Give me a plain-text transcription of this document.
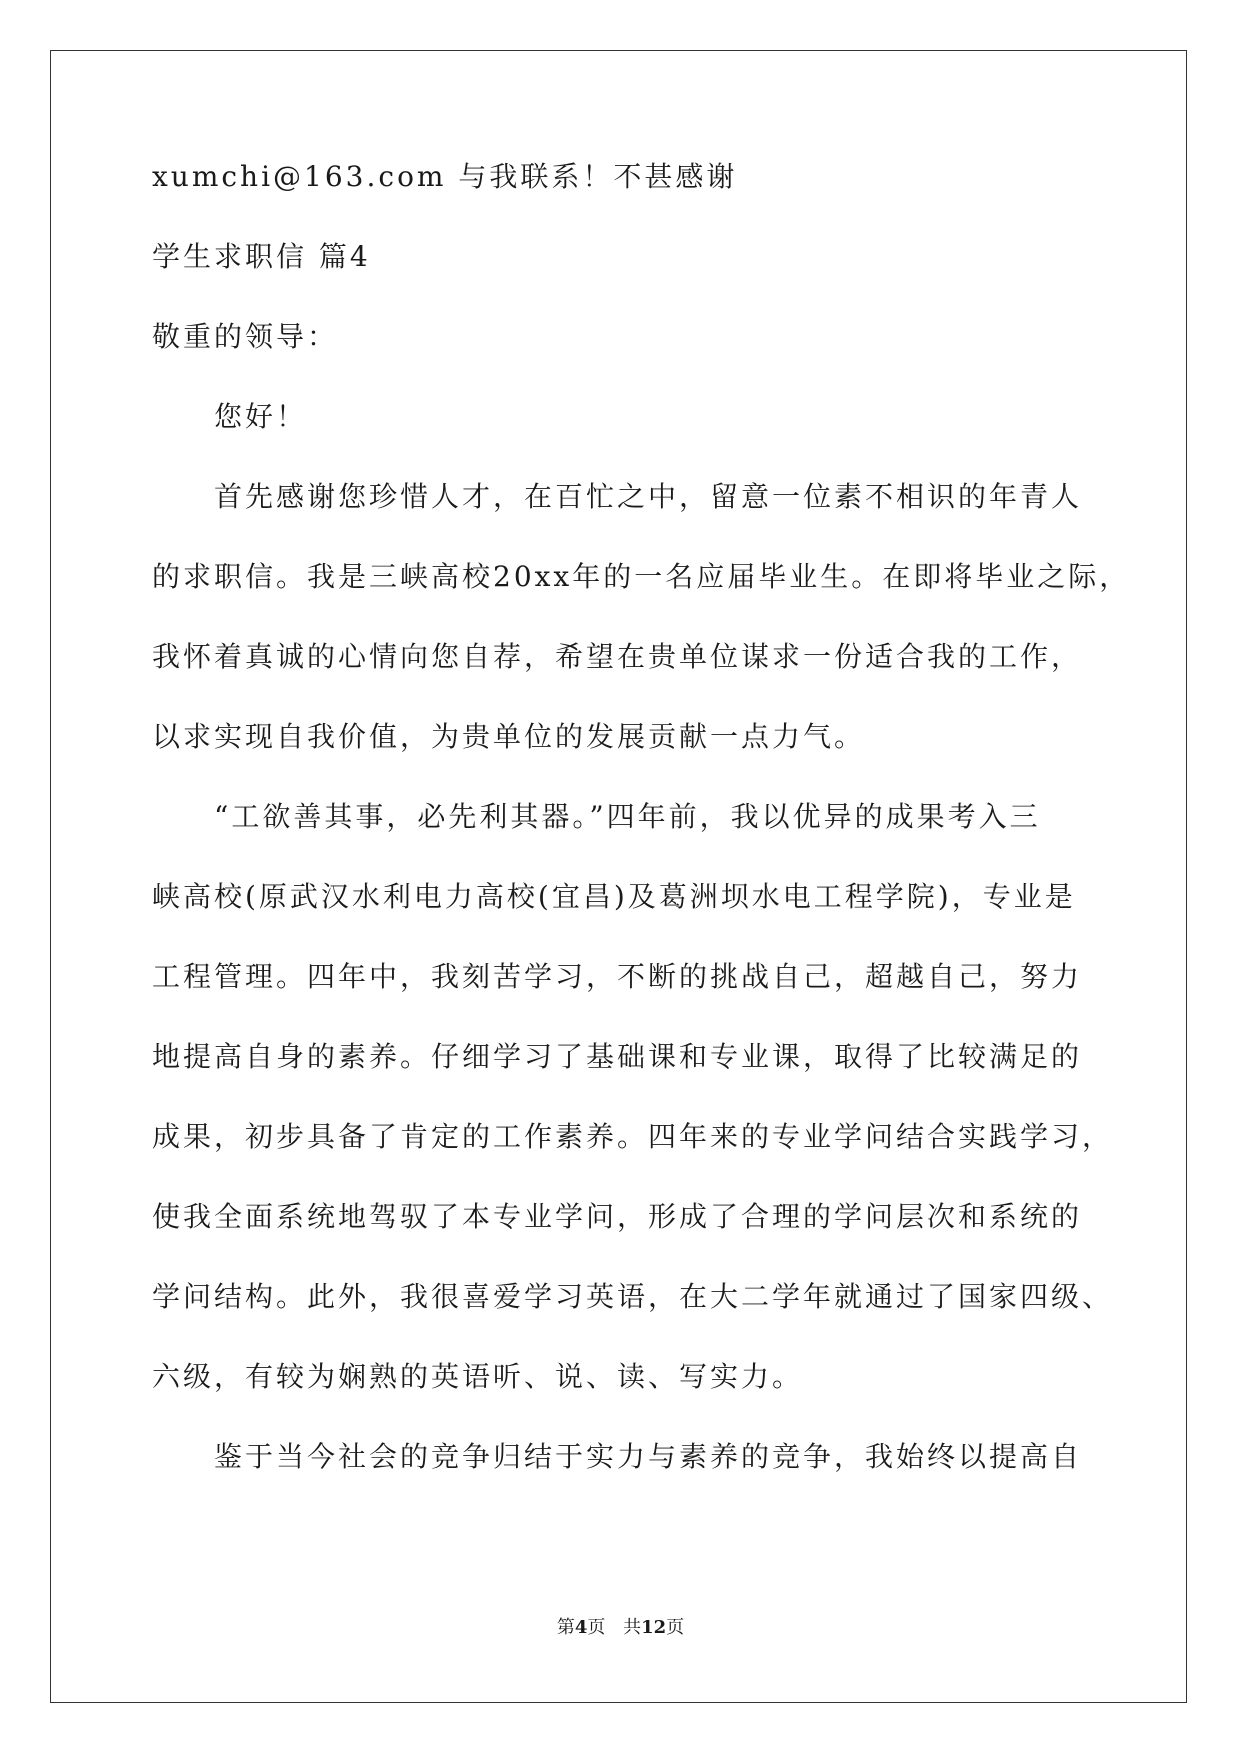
xumchi@163.com 与我联系！不甚感谢
学生求职信 篇4
敬重的领导：
您好！
首先感谢您珍惜人才，在百忙之中，留意一位素不相识的年青人
的求职信。我是三峡高校20xx年的一名应届毕业生。在即将毕业之际，
我怀着真诚的心情向您自荐，希望在贵单位谋求一份适合我的工作，
以求实现自我价值，为贵单位的发展贡献一点力气。
“工欲善其事，必先利其器。”四年前，我以优异的成果考入三
峡高校(原武汉水利电力高校(宜昌)及葛洲坝水电工程学院)，专业是
工程管理。四年中，我刻苦学习，不断的挑战自己，超越自己，努力
地提高自身的素养。仔细学习了基础课和专业课，取得了比较满足的
成果，初步具备了肯定的工作素养。四年来的专业学问结合实践学习，
使我全面系统地驾驭了本专业学问，形成了合理的学问层次和系统的
学问结构。此外，我很喜爱学习英语，在大二学年就通过了国家四级、
六级，有较为娴熟的英语听、说、读、写实力。
鉴于当今社会的竞争归结于实力与素养的竞争，我始终以提高自
第4页 共12页
